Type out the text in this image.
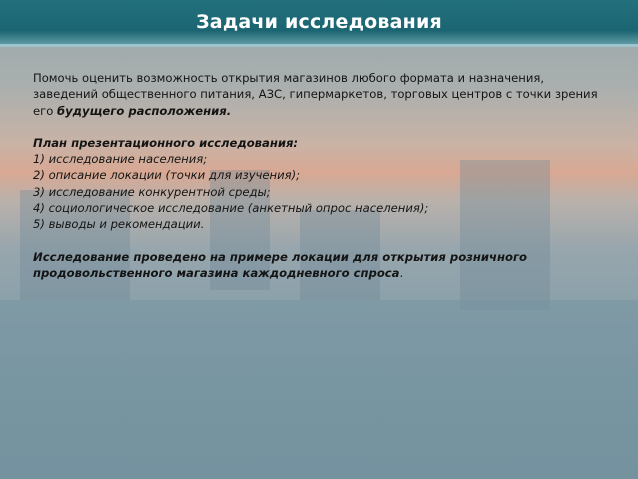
Задачи исследования

Помочь оценить возможность открытия магазинов любого формата и назначения, заведений общественного питания, АЗС, гипермаркетов, торговых центров с точки зрения его будущего расположения.

План презентационного исследования:

1) исследование населения;

2) описание локации (точки для изучения);

3) исследование конкурентной среды;

4) социологическое исследование (анкетный опрос населения);

5) выводы и рекомендации.

Исследование проведено на примере локации для открытия розничного продовольственного магазина каждодневного спроса.
